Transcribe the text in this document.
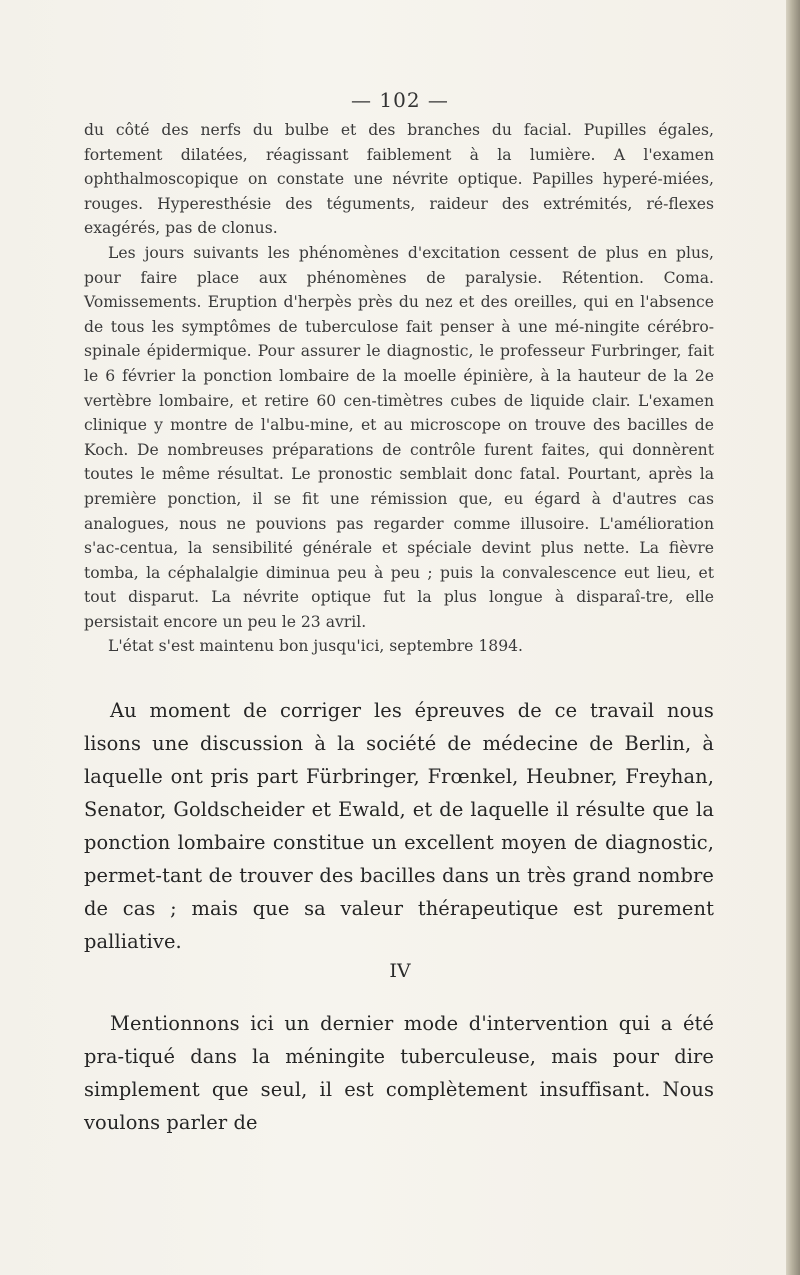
— 102 —

du côté des nerfs du bulbe et des branches du facial. Pupilles égales, fortement dilatées, réagissant faiblement à la lumière. A l'examen ophthalmoscopique on constate une névrite optique. Papilles hyperé-miées, rouges. Hyperesthésie des téguments, raideur des extrémités, ré-flexes exagérés, pas de clonus.

Les jours suivants les phénomènes d'excitation cessent de plus en plus, pour faire place aux phénomènes de paralysie. Rétention. Coma. Vomissements. Eruption d'herpès près du nez et des oreilles, qui en l'absence de tous les symptômes de tuberculose fait penser à une mé-ningite cérébro-spinale épidermique. Pour assurer le diagnostic, le professeur Furbringer, fait le 6 février la ponction lombaire de la moelle épinière, à la hauteur de la 2e vertèbre lombaire, et retire 60 cen-timètres cubes de liquide clair. L'examen clinique y montre de l'albu-mine, et au microscope on trouve des bacilles de Koch. De nombreuses préparations de contrôle furent faites, qui donnèrent toutes le même résultat. Le pronostic semblait donc fatal. Pourtant, après la première ponction, il se fit une rémission que, eu égard à d'autres cas analogues, nous ne pouvions pas regarder comme illusoire. L'amélioration s'ac-centua, la sensibilité générale et spéciale devint plus nette. La fièvre tomba, la céphalalgie diminua peu à peu ; puis la convalescence eut lieu, et tout disparut. La névrite optique fut la plus longue à disparaî-tre, elle persistait encore un peu le 23 avril.

L'état s'est maintenu bon jusqu'ici, septembre 1894.

Au moment de corriger les épreuves de ce travail nous lisons une discussion à la société de médecine de Berlin, à laquelle ont pris part Fürbringer, Frœnkel, Heubner, Freyhan, Senator, Goldscheider et Ewald, et de laquelle il résulte que la ponction lombaire constitue un excellent moyen de diagnostic, permet-tant de trouver des bacilles dans un très grand nombre de cas ; mais que sa valeur thérapeutique est purement palliative.

IV

Mentionnons ici un dernier mode d'intervention qui a été pra-tiqué dans la méningite tuberculeuse, mais pour dire simplement que seul, il est complètement insuffisant. Nous voulons parler de
